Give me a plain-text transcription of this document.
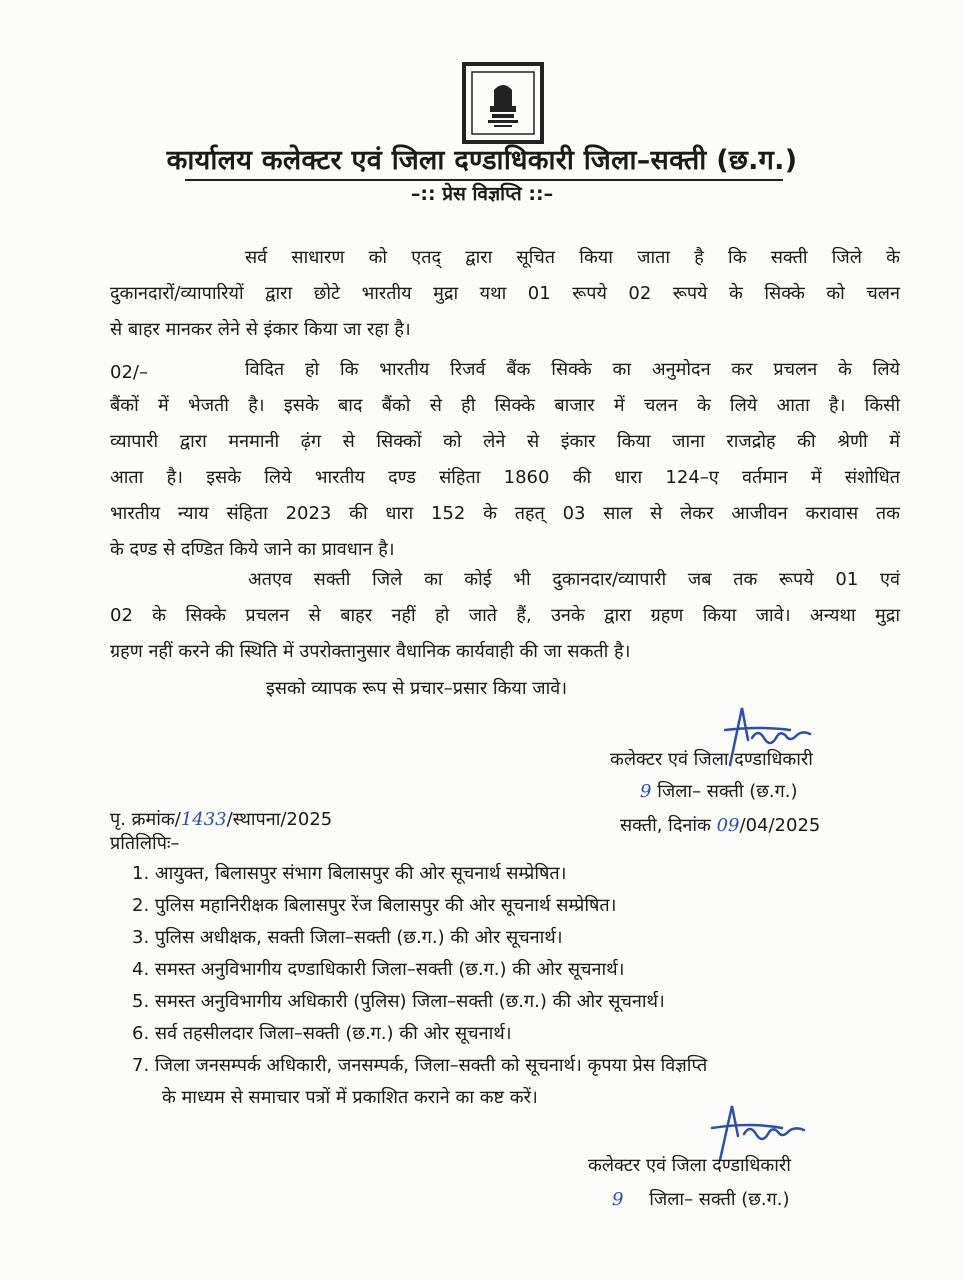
कार्यालय कलेक्टर एवं जिला दण्डाधिकारी जिला–सक्ती (छ.ग.)
–:: प्रेस विज्ञप्ति ::–
सर्व साधारण को एतद् द्वारा सूचित किया जाता है कि सक्ती जिले के
दुकानदारों/व्यापारियों द्वारा छोटे भारतीय मुद्रा यथा 01 रूपये 02 रूपये के सिक्के को चलन
से बाहर मानकर लेने से इंकार किया जा रहा है।
02/–	विदित हो कि भारतीय रिजर्व बैंक सिक्के का अनुमोदन कर प्रचलन के लिये
बैंकों में भेजती है। इसके बाद बैंको से ही सिक्के बाजार में चलन के लिये आता है। किसी
व्यापारी द्वारा मनमानी ढ़ंग से सिक्कों को लेने से इंकार किया जाना राजद्रोह की श्रेणी में
आता है। इसके लिये भारतीय दण्ड संहिता 1860 की धारा 124–ए वर्तमान में संशोधित
भारतीय न्याय संहिता 2023 की धारा 152 के तहत् 03 साल से लेकर आजीवन करावास तक
के दण्ड से दण्डित किये जाने का प्रावधान है।
अतएव सक्ती जिले का कोई भी दुकानदार/व्यापारी जब तक रूपये 01 एवं
02 के सिक्के प्रचलन से बाहर नहीं हो जाते हैं, उनके द्वारा ग्रहण किया जावे। अन्यथा मुद्रा
ग्रहण नहीं करने की स्थिति में उपरोक्तानुसार वैधानिक कार्यवाही की जा सकती है।
इसको व्यापक रूप से प्रचार–प्रसार किया जावे।
कलेक्टर एवं जिला दण्डाधिकारी
9 जिला– सक्ती (छ.ग.)
सक्ती, दिनांक 09/04/2025
पृ. क्रमांक/1433/स्थापना/2025
प्रतिलिपिः–
1. आयुक्त, बिलासपुर संभाग बिलासपुर की ओर सूचनार्थ सम्प्रेषित।
2. पुलिस महानिरीक्षक बिलासपुर रेंज बिलासपुर की ओर सूचनार्थ सम्प्रेषित।
3. पुलिस अधीक्षक, सक्ती जिला–सक्ती (छ.ग.) की ओर सूचनार्थ।
4. समस्त अनुविभागीय दण्डाधिकारी जिला–सक्ती (छ.ग.) की ओर सूचनार्थ।
5. समस्त अनुविभागीय अधिकारी (पुलिस) जिला–सक्ती (छ.ग.) की ओर सूचनार्थ।
6. सर्व तहसीलदार जिला–सक्ती (छ.ग.) की ओर सूचनार्थ।
7. जिला जनसम्पर्क अधिकारी, जनसम्पर्क, जिला–सक्ती को सूचनार्थ। कृपया प्रेस विज्ञप्ति
के माध्यम से समाचार पत्रों में प्रकाशित कराने का कष्ट करें।
कलेक्टर एवं जिला दण्डाधिकारी
9 जिला– सक्ती (छ.ग.)
